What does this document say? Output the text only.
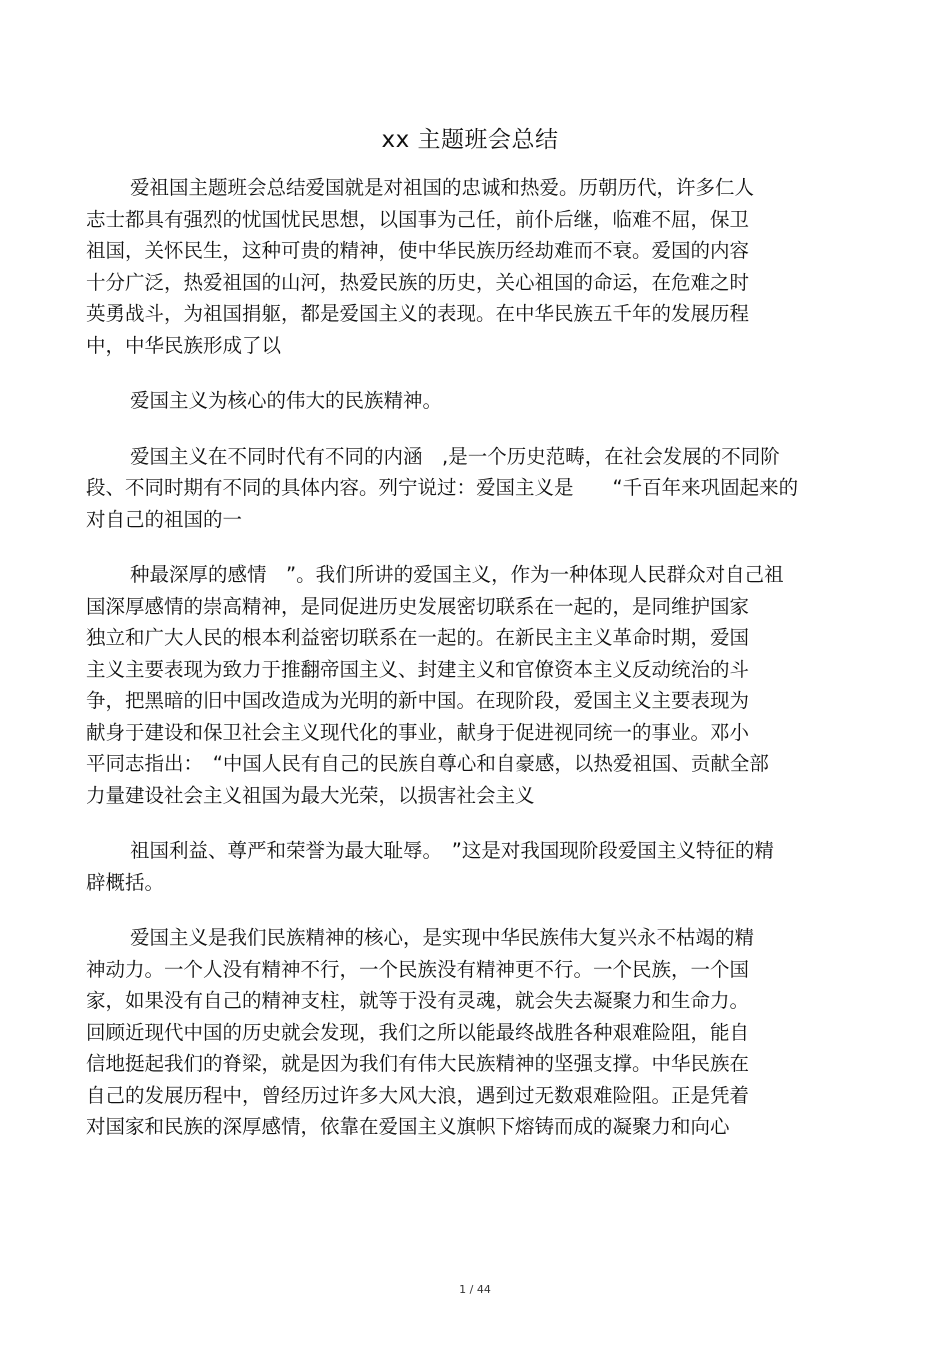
xx 主题班会总结
爱祖国主题班会总结爱国就是对祖国的忠诚和热爱。历朝历代，许多仁人
志士都具有强烈的忧国忧民思想，以国事为己任，前仆后继，临难不屈，保卫
祖国，关怀民生，这种可贵的精神，使中华民族历经劫难而不衰。爱国的内容
十分广泛，热爱祖国的山河，热爱民族的历史，关心祖国的命运，在危难之时
英勇战斗，为祖国捐躯，都是爱国主义的表现。在中华民族五千年的发展历程
中，中华民族形成了以
爱国主义为核心的伟大的民族精神。
爱国主义在不同时代有不同的内涵　,是一个历史范畴，在社会发展的不同阶
段、不同时期有不同的具体内容。列宁说过：爱国主义是　　“千百年来巩固起来的
对自己的祖国的一
种最深厚的感情　”。我们所讲的爱国主义，作为一种体现人民群众对自己祖
国深厚感情的崇高精神，是同促进历史发展密切联系在一起的，是同维护国家
独立和广大人民的根本利益密切联系在一起的。在新民主主义革命时期，爱国
主义主要表现为致力于推翻帝国主义、封建主义和官僚资本主义反动统治的斗
争，把黑暗的旧中国改造成为光明的新中国。在现阶段，爱国主义主要表现为
献身于建设和保卫社会主义现代化的事业，献身于促进视同统一的事业。邓小
平同志指出：　“中国人民有自己的民族自尊心和自豪感，以热爱祖国、贡献全部
力量建设社会主义祖国为最大光荣，以损害社会主义
祖国利益、尊严和荣誉为最大耻辱。　”这是对我国现阶段爱国主义特征的精
辟概括。
爱国主义是我们民族精神的核心，是实现中华民族伟大复兴永不枯竭的精
神动力。一个人没有精神不行，一个民族没有精神更不行。一个民族，一个国
家，如果没有自己的精神支柱，就等于没有灵魂，就会失去凝聚力和生命力。
回顾近现代中国的历史就会发现，我们之所以能最终战胜各种艰难险阻，能自
信地挺起我们的脊梁，就是因为我们有伟大民族精神的坚强支撑。中华民族在
自己的发展历程中，曾经历过许多大风大浪，遇到过无数艰难险阻。正是凭着
对国家和民族的深厚感情，依靠在爱国主义旗帜下熔铸而成的凝聚力和向心
1 / 44
